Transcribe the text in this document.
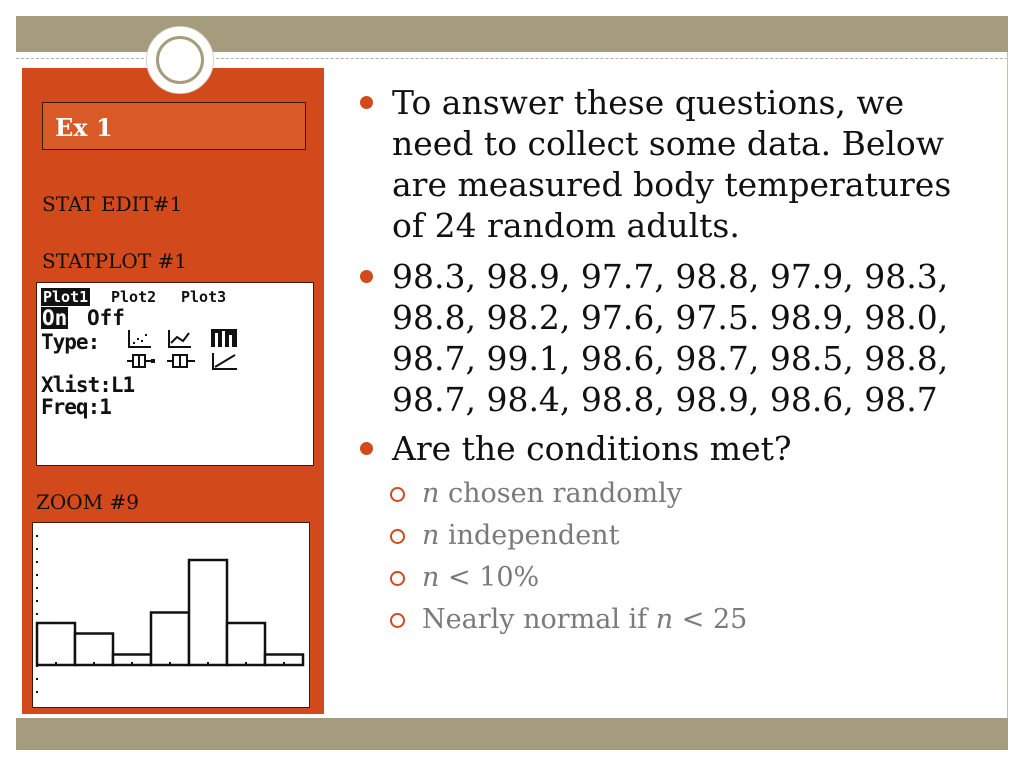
Ex 1
STAT EDIT#1
STATPLOT #1
Plot1 Plot2 Plot3
On Off
Type:
Xlist:L1
Freq:1
ZOOM #9
To answer these questions, we need to collect some data. Below are measured body temperatures of 24 random adults.
98.3, 98.9, 97.7, 98.8, 97.9, 98.3, 98.8, 98.2, 97.6, 97.5. 98.9, 98.0, 98.7, 99.1, 98.6, 98.7, 98.5, 98.8, 98.7, 98.4, 98.8, 98.9, 98.6, 98.7
Are the conditions met?
n chosen randomly
n independent
n < 10%
Nearly normal if n < 25
